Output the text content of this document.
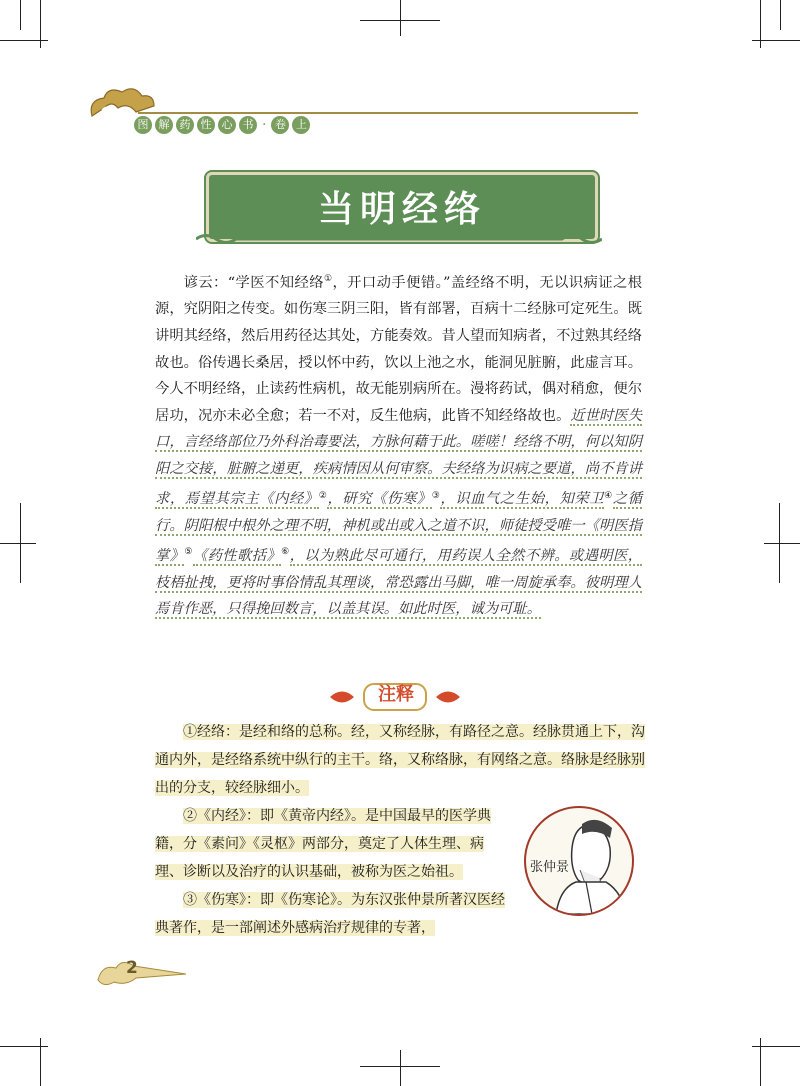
图 解 药 性 心 书 · 卷 上
当明经络

谚云：“学医不知经络①，开口动手便错。”盖经络不明，无以识病证之根源，究阴阳之传变。如伤寒三阴三阳，皆有部署，百病十二经脉可定死生。既讲明其经络，然后用药径达其处，方能奏效。昔人望而知病者，不过熟其经络故也。俗传遇长桑居，授以怀中药，饮以上池之水，能洞见脏腑，此虚言耳。今人不明经络，止读药性病机，故无能别病所在。漫将药试，偶对稍愈，便尔居功，况亦未必全愈；若一不对，反生他病，此皆不知经络故也。近世时医失口，言经络部位乃外科治毒要法，方脉何藉于此。嗟嗟！经络不明，何以知阴阳之交接，脏腑之递更，疾病情因从何审察。夫经络为识病之要道，尚不肯讲求，焉望其宗主《内经》②，研究《伤寒》③，识血气之生始，知荣卫④之循行。阴阳根中根外之理不明，神机或出或入之道不识，师徒授受唯一《明医指掌》⑤《药性歌括》⑥，以为熟此尽可通行，用药误人全然不辨。或遇明医，枝梧扯拽，更将时事俗情乱其理谈，常恐露出马脚，唯一周旋承奉。彼明理人焉肯作恶，只得挽回数言，以盖其误。如此时医，诚为可耻。

注释

①经络：是经和络的总称。经，又称经脉，有路径之意。经脉贯通上下，沟通内外，是经络系统中纵行的主干。络，又称络脉，有网络之意。络脉是经脉别出的分支，较经脉细小。

②《内经》：即《黄帝内经》。是中国最早的医学典籍，分《素问》《灵枢》两部分，奠定了人体生理、病理、诊断以及治疗的认识基础，被称为医之始祖。

③《伤寒》：即《伤寒论》。为东汉张仲景所著汉医经典著作，是一部阐述外感病治疗规律的专著，

张仲景
2
